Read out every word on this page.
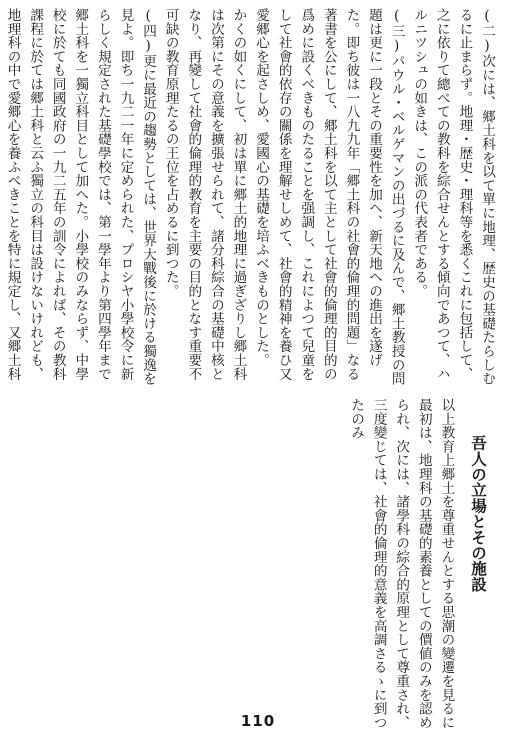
(二)次には、郷土科を以て單に地理、歴史の基礎たらしむるに止まらず。地理・歴史・理科等を悉くこれに包括して、之に依りて總べての教科を綜合せんとする傾向であつて、ハルニツシュの如きは、この派の代表者である。

(三)パウル・ベルゲマンの出づるに及んで、郷土教授の問題は更に一段とその重要性を加へ、新天地への進出を遂げた。即ち彼は一八九九年「郷土科の社會的倫理的問題」なる著書を公にして、郷土科を以て主として社會的倫理的目的の爲めに設くべきものたることを强調し、これによつて兒童をして社會的依存の關係を理解せしめて、社會的精神を養ひ又愛郷心を起さしめ、愛國心の基礎を培ふべきものとした。

かくの如くにして、初は單に郷土的地理に過ぎざりし郷土科は次第にその意義を擴張せられて、諸分科綜合の基礎中核となり、再變して社會的倫理的教育を主要の目的となす重要不可缺の教育原理たるの王位を占めるに到つた。

(四)更に最近の趨勢としては、世界大戰後に於ける獨逸を見よ。即ち一九二一年に定められた、プロシヤ小學校令に新らしく規定された基礎學校では、第一學年より第四學年まで郷土科を一獨立科目として加へた。小學校のみならず、中學校に於ても同國政府の一九二五年の訓令によれば、その教科課程に於ては郷土科と云ふ獨立の科目は設けないけれども、地理科の中で愛郷心を養ふべきことを特に規定し、又郷土科

吾人の立場とその施設

以上教育上郷土を尊重せんとする思潮の變遷を見るに最初は、地理科の基礎的素養としての價値のみを認められ、次には、諸學科の綜合的原理として尊重され、三度變じては、社會的倫理的意義を高調さるゝに到つたのみ

110
